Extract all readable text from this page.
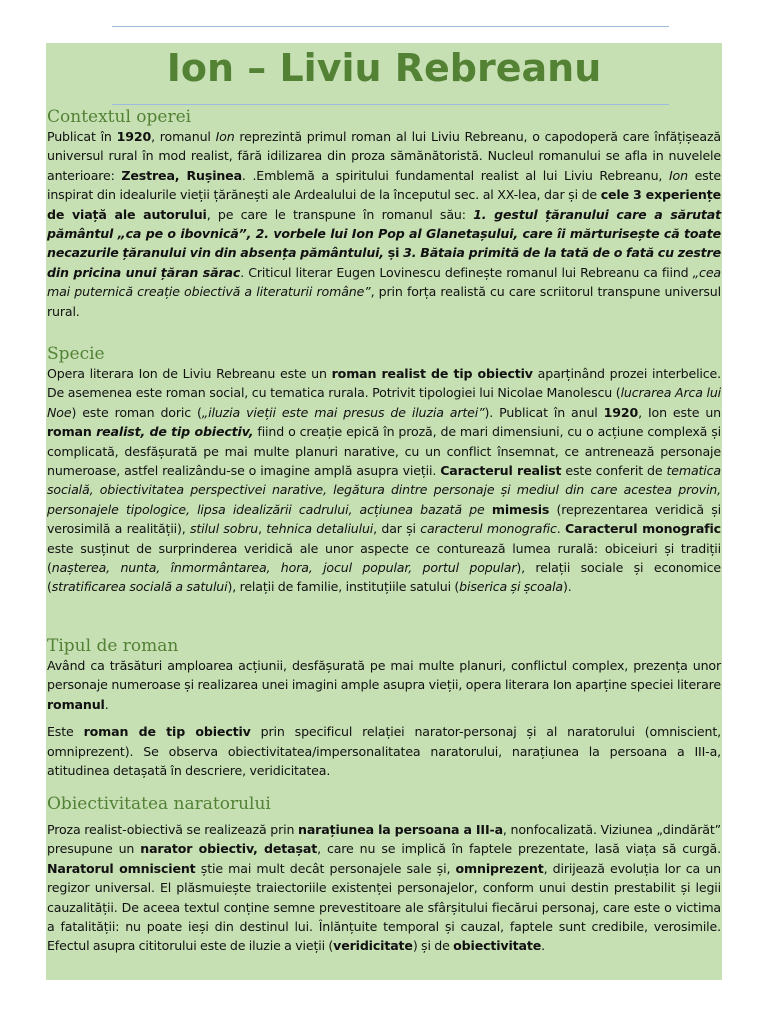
Ion – Liviu Rebreanu
Contextul operei

Publicat în 1920, romanul Ion reprezintă primul roman al lui Liviu Rebreanu, o capodoperă care înfățișează universul rural în mod realist, fără idilizarea din proza sămănătoristă. Nucleul romanului se afla in nuvelele anterioare: Zestrea, Rușinea. .Emblemă a spiritului fundamental realist al lui Liviu Rebreanu, Ion este inspirat din idealurile vieții țărănești ale Ardealului de la începutul sec. al XX-lea, dar și de cele 3 experiențe de viață ale autorului, pe care le transpune în romanul său: 1. gestul țăranului care a sărutat pământul „ca pe o ibovnică”, 2. vorbele lui Ion Pop al Glanetașului, care îi mărturisește că toate necazurile țăranului vin din absența pământului, și 3. Bătaia primită de la tată de o fată cu zestre din pricina unui țăran sărac. Criticul literar Eugen Lovinescu definește romanul lui Rebreanu ca fiind „cea mai puternică creație obiectivă a literaturii române”, prin forța realistă cu care scriitorul transpune universul rural.

Specie

Opera literara Ion de Liviu Rebreanu este un roman realist de tip obiectiv aparținând prozei interbelice. De asemenea este roman social, cu tematica rurala. Potrivit tipologiei lui Nicolae Manolescu (lucrarea Arca lui Noe) este roman doric („iluzia vieții este mai presus de iluzia artei”). Publicat în anul 1920, Ion este un roman realist, de tip obiectiv, fiind o creație epică în proză, de mari dimensiuni, cu o acțiune complexă și complicată, desfășurată pe mai multe planuri narative, cu un conflict însemnat, ce antrenează personaje numeroase, astfel realizându-se o imagine amplă asupra vieții. Caracterul realist este conferit de tematica socială, obiectivitatea perspectivei narative, legătura dintre personaje și mediul din care acestea provin, personajele tipologice, lipsa idealizării cadrului, acțiunea bazată pe mimesis (reprezentarea veridică și verosimilă a realității), stilul sobru, tehnica detaliului, dar și caracterul monografic. Caracterul monografic este susținut de surprinderea veridică ale unor aspecte ce conturează lumea rurală: obiceiuri și tradiții (nașterea, nunta, înmormântarea, hora, jocul popular, portul popular), relații sociale și economice (stratificarea socială a satului), relații de familie, instituțiile satului (biserica și școala).

Tipul de roman

Având ca trăsături amploarea acțiunii, desfășurată pe mai multe planuri, conflictul complex, prezența unor personaje numeroase și realizarea unei imagini ample asupra vieții, opera literara Ion aparține speciei literare romanul.

Este roman de tip obiectiv prin specificul relației narator-personaj și al naratorului (omniscient, omniprezent). Se observa obiectivitatea/impersonalitatea naratorului, narațiunea la persoana a III-a, atitudinea detașată în descriere, veridicitatea.

Obiectivitatea naratorului

Proza realist-obiectivă se realizează prin narațiunea la persoana a III-a, nonfocalizată. Viziunea „dindărăt” presupune un narator obiectiv, detașat, care nu se implică în faptele prezentate, lasă viața să curgă. Naratorul omniscient știe mai mult decât personajele sale și, omniprezent, dirijează evoluția lor ca un regizor universal. El plăsmuiește traiectoriile existenței personajelor, conform unui destin prestabilit și legii cauzalității. De aceea textul conține semne prevestitoare ale sfârșitului fiecărui personaj, care este o victima a fatalității: nu poate ieși din destinul lui. Înlănțuite temporal și cauzal, faptele sunt credibile, verosimile. Efectul asupra cititorului este de iluzie a vieții (veridicitate) și de obiectivitate.
